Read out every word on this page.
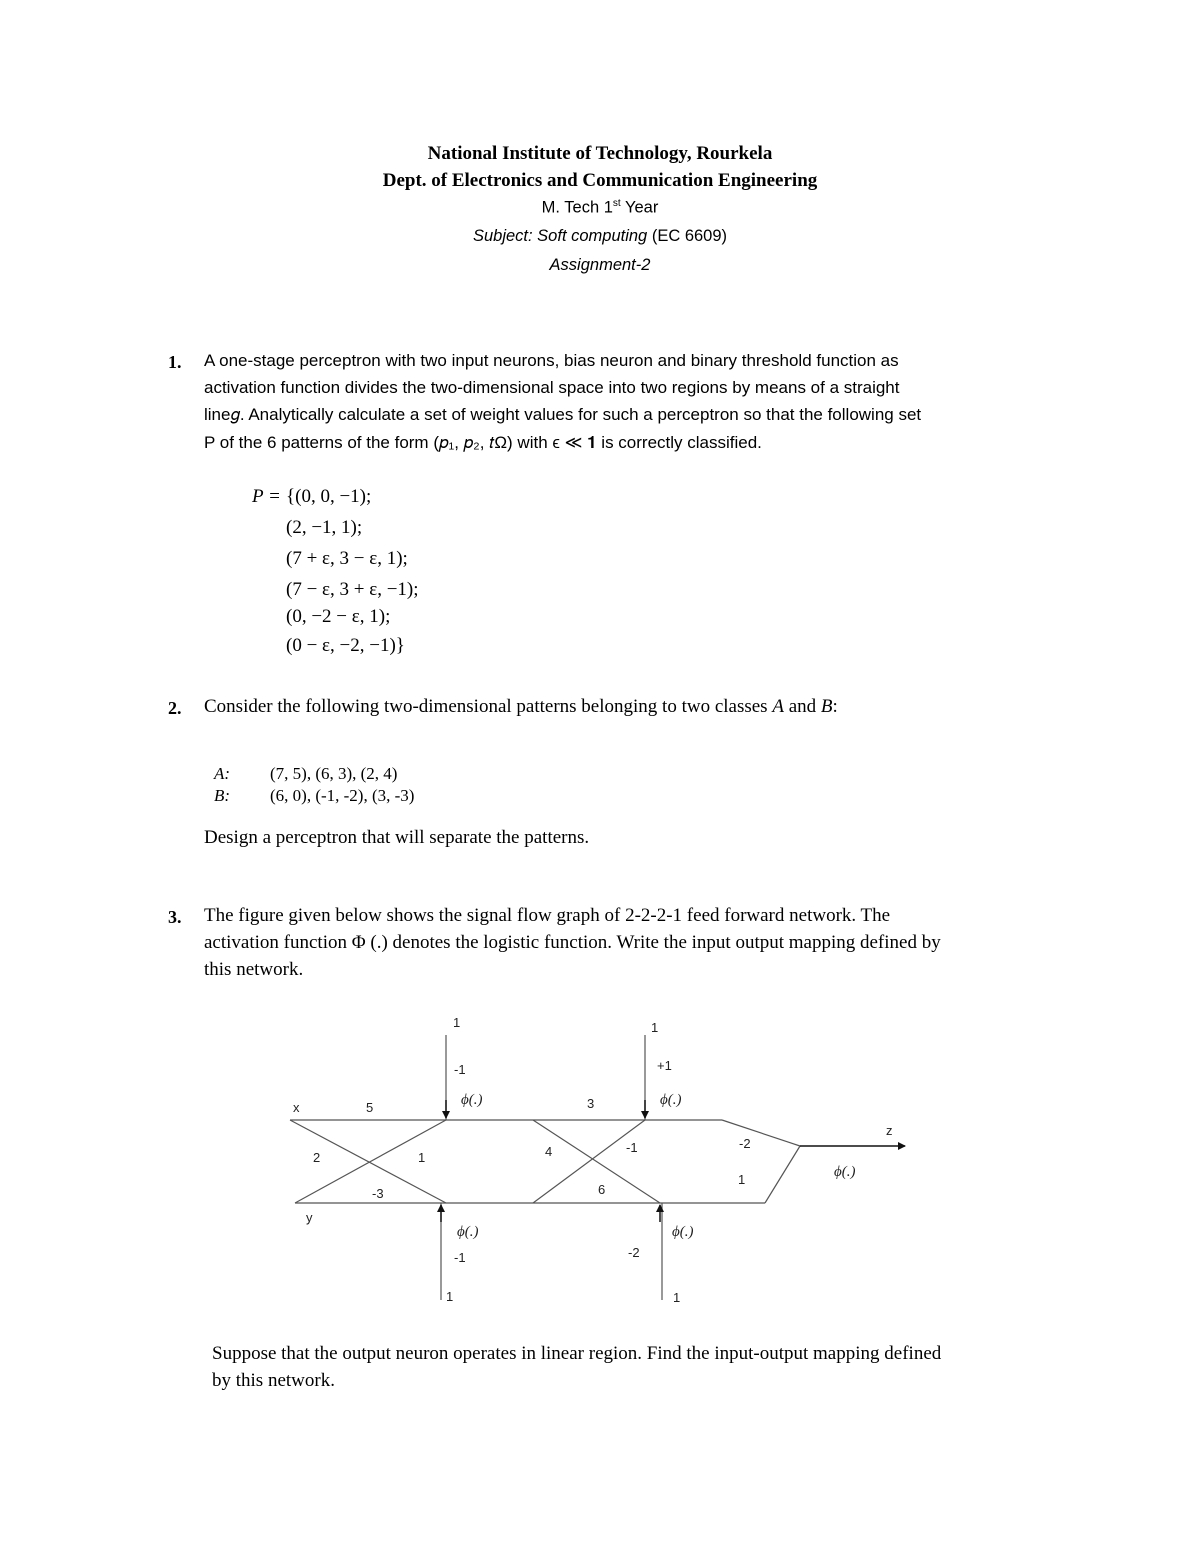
National Institute of Technology, Rourkela
Dept. of Electronics and Communication Engineering
M. Tech 1st Year
Subject: Soft computing (EC 6609)
Assignment-2
1. A one-stage perceptron with two input neurons, bias neuron and binary threshold function as
activation function divides the two-dimensional space into two regions by means of a straight
line𝑔. Analytically calculate a set of weight values for such a perceptron so that the following set
P of the 6 patterns of the form (𝑝₁, 𝑝₂, 𝑡Ω) with ϵ ≪ 𝟏 is correctly classified.
P = {(0, 0, −1);
(2, −1, 1);
(7 + ε, 3 − ε, 1);
(7 − ε, 3 + ε, −1);
(0, −2 − ε, 1);
(0 − ε, −2, −1)}
2. Consider the following two-dimensional patterns belonging to two classes A and B:
A: (7, 5), (6, 3), (2, 4)
B: (6, 0), (-1, -2), (3, -3)
Design a perceptron that will separate the patterns.
3. The figure given below shows the signal flow graph of 2-2-2-1 feed forward network. The
activation function Φ (.) denotes the logistic function. Write the input output mapping defined by
this network.
x
y
z
1	1
1	1
-1
-1
+1
-2
5
2	1
-3
3
4	-1
6
-2
1
ϕ(.)
ϕ(.)
ϕ(.)
ϕ(.)
ϕ(.)
Suppose that the output neuron operates in linear region. Find the input-output mapping defined
by this network.
